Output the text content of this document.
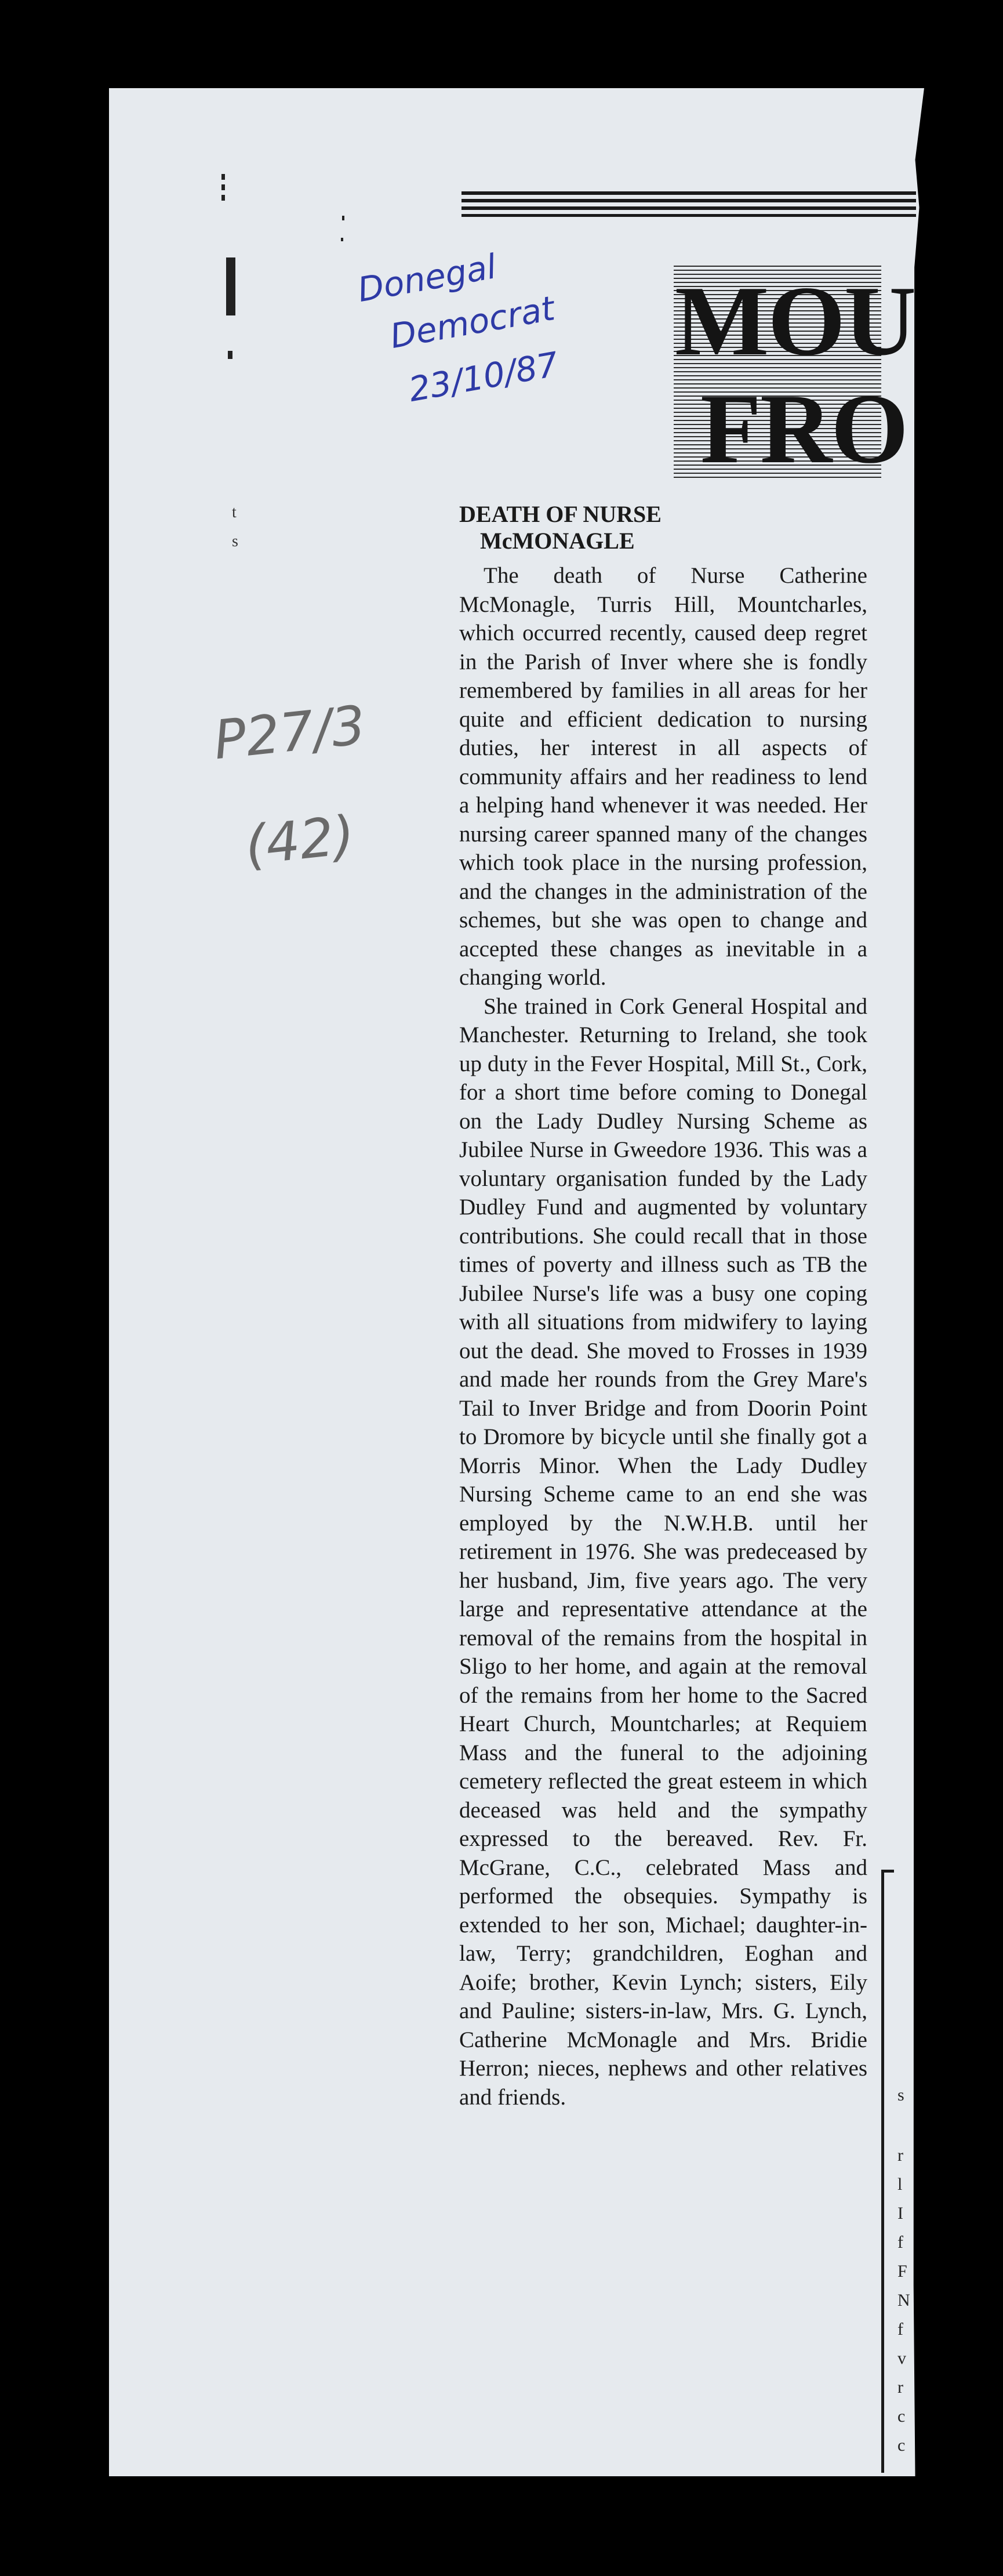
MOU
FRO
Donegal
Democrat
23/10/87
P27/3
(42)
t
s
s
r
l
I
f
F
N
f
v
r
c
c
DEATH OF NURSE
McMONAGLE

The death of Nurse Catherine McMonagle, Turris Hill, Mountcharles, which occurred recently, caused deep regret in the Parish of Inver where she is fondly remembered by families in all areas for her quite and efficient dedication to nursing duties, her interest in all aspects of community affairs and her readiness to lend a helping hand whenever it was needed. Her nursing career spanned many of the changes which took place in the nursing profession, and the changes in the administration of the schemes, but she was open to change and accepted these changes as inevitable in a changing world.

She trained in Cork General Hospital and Manchester. Returning to Ireland, she took up duty in the Fever Hospital, Mill St., Cork, for a short time before coming to Donegal on the Lady Dudley Nursing Scheme as Jubilee Nurse in Gweedore 1936. This was a voluntary organisation funded by the Lady Dudley Fund and augmented by voluntary contributions. She could recall that in those times of poverty and illness such as TB the Jubilee Nurse's life was a busy one coping with all situations from midwifery to laying out the dead. She moved to Frosses in 1939 and made her rounds from the Grey Mare's Tail to Inver Bridge and from Doorin Point to Dromore by bicycle until she finally got a Morris Minor. When the Lady Dudley Nursing Scheme came to an end she was employed by the N.W.H.B. until her retirement in 1976. She was predeceased by her husband, Jim, five years ago. The very large and representative attendance at the removal of the remains from the hospital in Sligo to her home, and again at the removal of the remains from her home to the Sacred Heart Church, Mountcharles; at Requiem Mass and the funeral to the adjoining cemetery reflected the great esteem in which deceased was held and the sympathy expressed to the bereaved. Rev. Fr. McGrane, C.C., celebrated Mass and performed the obsequies. Sympathy is extended to her son, Michael; daughter-in-law, Terry; grandchildren, Eoghan and Aoife; brother, Kevin Lynch; sisters, Eily and Pauline; sisters-in-law, Mrs. G. Lynch, Catherine McMonagle and Mrs. Bridie Herron; nieces, nephews and other relatives and friends.
